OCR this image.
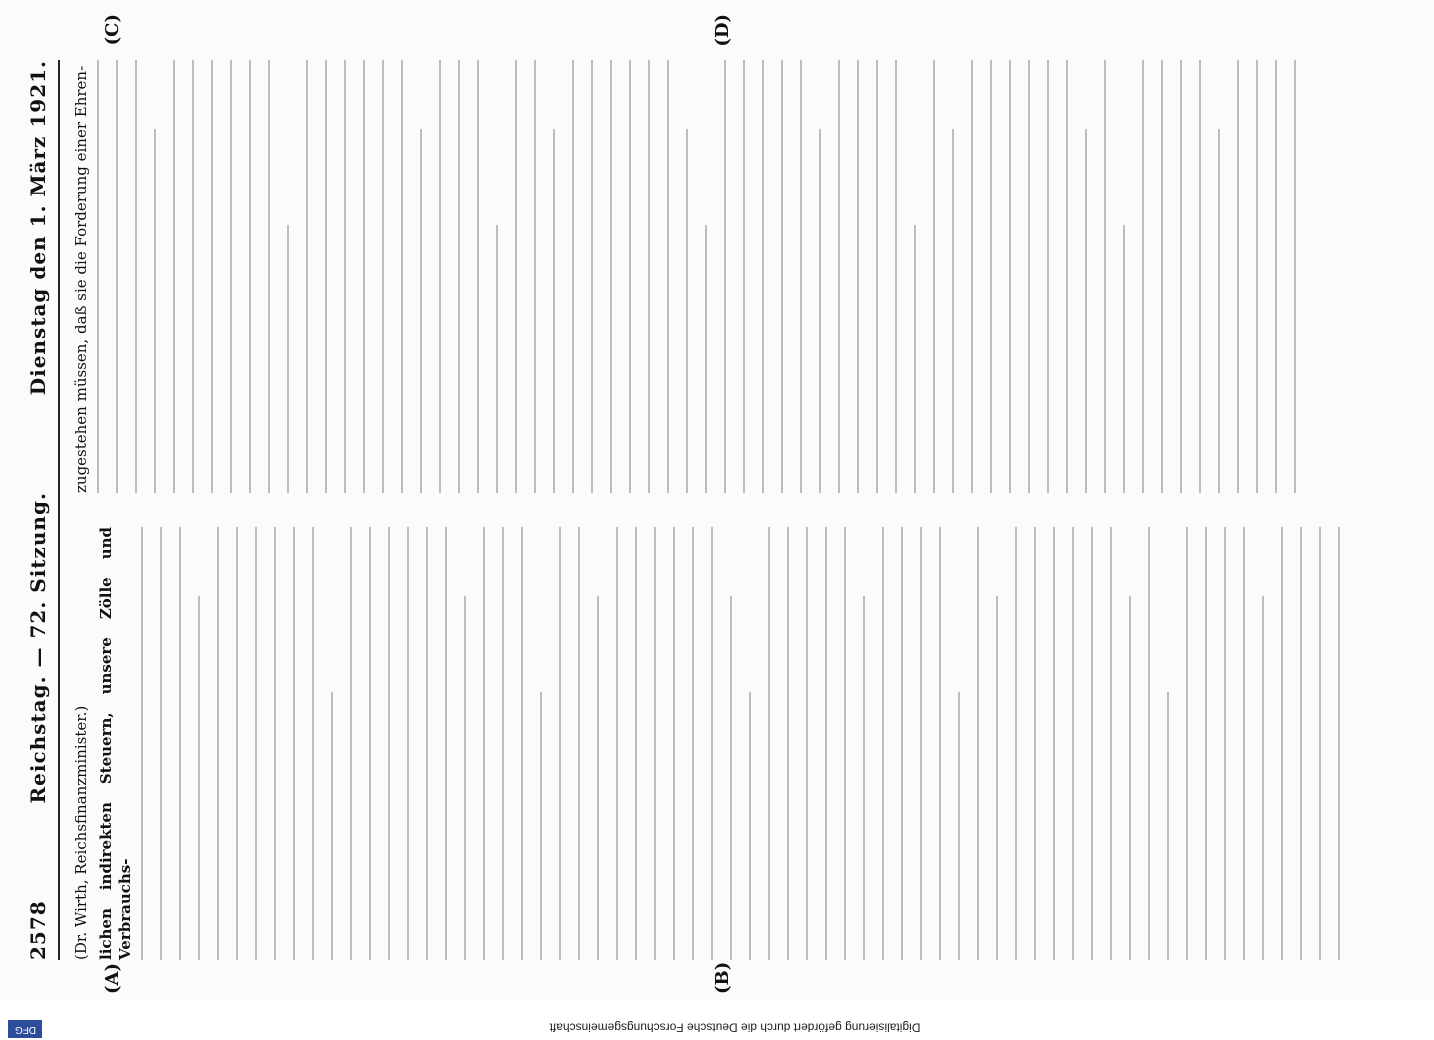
Digitalisierung gefördert durch die Deutsche Forschungsgemeinschaft
DFG
2578
Reichstag. — 72. Sitzung.
Dienstag den 1. März 1921.
(A)	(B)

(Dr. Wirth, Reichsfinanzminister.) lichen indirekten Steuern, unsere Zölle und Verbrauchs-

(C)	(D)

zugestehen müssen, daß sie die Forderung einer Ehren-
